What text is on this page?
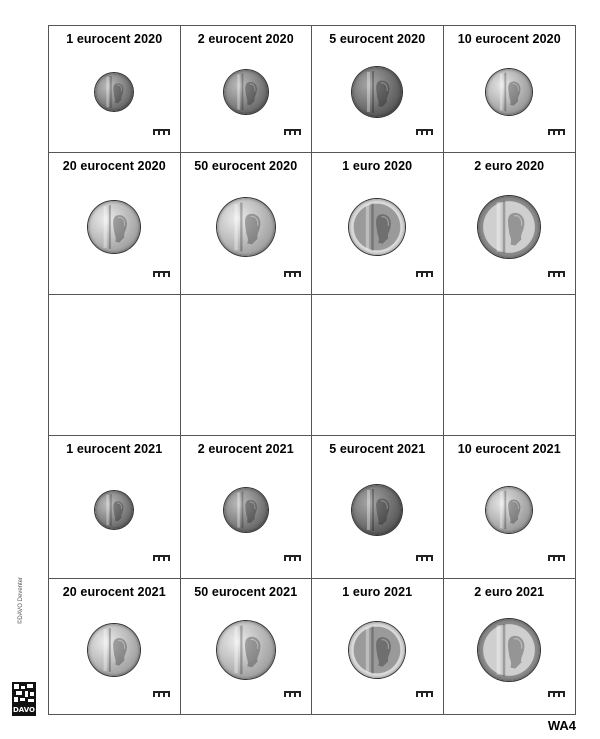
1 eurocent 2020	2 eurocent 2020	5 eurocent 2020	10 eurocent 2020
20 eurocent 2020	50 eurocent 2020	1 euro 2020	2 euro 2020
1 eurocent 2021	2 eurocent 2021	5 eurocent 2021	10 eurocent 2021
20 eurocent 2021	50 eurocent 2021	1 euro 2021	2 euro 2021
©DAVO Deventer
DAVO
WA4
